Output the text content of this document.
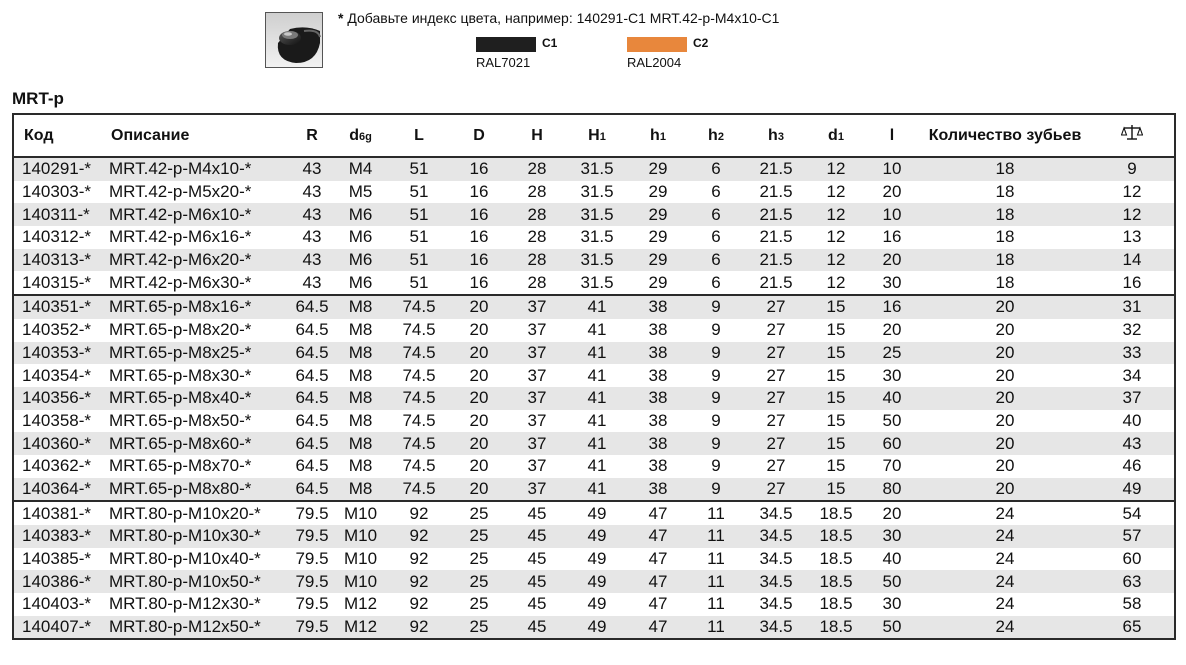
* Добавьте индекс цвета, например: 140291-C1 MRT.42-p-M4x10-C1
C1
RAL7021
C2
RAL2004
MRT-p
Код	Описание	R	d6g	L	D	H	H1	h1	h2	h3	d1	l	Количество зубьев	
140291-*	MRT.42-p-M4x10-*	43	M4	51	16	28	31.5	29	6	21.5	12	10	18	9
140303-*	MRT.42-p-M5x20-*	43	M5	51	16	28	31.5	29	6	21.5	12	20	18	12
140311-*	MRT.42-p-M6x10-*	43	M6	51	16	28	31.5	29	6	21.5	12	10	18	12
140312-*	MRT.42-p-M6x16-*	43	M6	51	16	28	31.5	29	6	21.5	12	16	18	13
140313-*	MRT.42-p-M6x20-*	43	M6	51	16	28	31.5	29	6	21.5	12	20	18	14
140315-*	MRT.42-p-M6x30-*	43	M6	51	16	28	31.5	29	6	21.5	12	30	18	16
140351-*	MRT.65-p-M8x16-*	64.5	M8	74.5	20	37	41	38	9	27	15	16	20	31
140352-*	MRT.65-p-M8x20-*	64.5	M8	74.5	20	37	41	38	9	27	15	20	20	32
140353-*	MRT.65-p-M8x25-*	64.5	M8	74.5	20	37	41	38	9	27	15	25	20	33
140354-*	MRT.65-p-M8x30-*	64.5	M8	74.5	20	37	41	38	9	27	15	30	20	34
140356-*	MRT.65-p-M8x40-*	64.5	M8	74.5	20	37	41	38	9	27	15	40	20	37
140358-*	MRT.65-p-M8x50-*	64.5	M8	74.5	20	37	41	38	9	27	15	50	20	40
140360-*	MRT.65-p-M8x60-*	64.5	M8	74.5	20	37	41	38	9	27	15	60	20	43
140362-*	MRT.65-p-M8x70-*	64.5	M8	74.5	20	37	41	38	9	27	15	70	20	46
140364-*	MRT.65-p-M8x80-*	64.5	M8	74.5	20	37	41	38	9	27	15	80	20	49
140381-*	MRT.80-p-M10x20-*	79.5	M10	92	25	45	49	47	11	34.5	18.5	20	24	54
140383-*	MRT.80-p-M10x30-*	79.5	M10	92	25	45	49	47	11	34.5	18.5	30	24	57
140385-*	MRT.80-p-M10x40-*	79.5	M10	92	25	45	49	47	11	34.5	18.5	40	24	60
140386-*	MRT.80-p-M10x50-*	79.5	M10	92	25	45	49	47	11	34.5	18.5	50	24	63
140403-*	MRT.80-p-M12x30-*	79.5	M12	92	25	45	49	47	11	34.5	18.5	30	24	58
140407-*	MRT.80-p-M12x50-*	79.5	M12	92	25	45	49	47	11	34.5	18.5	50	24	65
